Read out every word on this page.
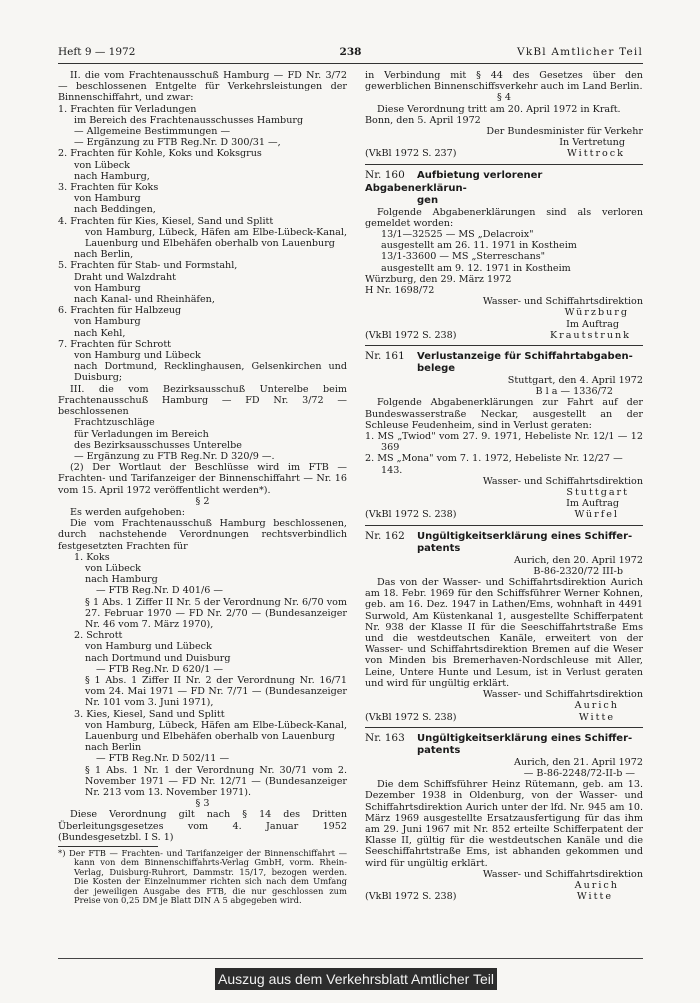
Heft 9 — 1972	238	VkBl Amtlicher Teil
II. die vom Frachtenausschuß Hamburg — FD Nr. 3/72 — beschlossenen Entgelte für Verkehrsleistungen der Binnenschiffahrt, und zwar:
1. Frachten für Verladungen
im Bereich des Frachtenausschusses Hamburg
— Allgemeine Bestimmungen —
— Ergänzung zu FTB Reg.Nr. D 300/31 —,
2. Frachten für Kohle, Koks und Koksgrus
von Lübeck
nach Hamburg,
3. Frachten für Koks
von Hamburg
nach Beddingen,
4. Frachten für Kies, Kiesel, Sand und Splitt
von Hamburg, Lübeck, Häfen am Elbe-Lübeck-Kanal, Lauenburg und Elbehäfen oberhalb von Lauenburg
nach Berlin,
5. Frachten für Stab- und Formstahl,
Draht und Walzdraht
von Hamburg
nach Kanal- und Rheinhäfen,
6. Frachten für Halbzeug
von Hamburg
nach Kehl,
7. Frachten für Schrott
von Hamburg und Lübeck
nach Dortmund, Recklinghausen, Gelsenkirchen und Duisburg;
III. die vom Bezirksausschuß Unterelbe beim Frachtenausschuß Hamburg — FD Nr. 3/72 — beschlossenen
Frachtzuschläge
für Verladungen im Bereich
des Bezirksausschusses Unterelbe
— Ergänzung zu FTB Reg.Nr. D 320/9 —.
(2) Der Wortlaut der Beschlüsse wird im FTB — Frachten- und Tarifanzeiger der Binnenschiffahrt — Nr. 16 vom 15. April 1972 veröffentlicht werden*).
§ 2
Es werden aufgehoben:
Die vom Frachtenausschuß Hamburg beschlossenen, durch nachstehende Verordnungen rechtsverbindlich festgesetzten Frachten für
1. Koks
von Lübeck
nach Hamburg
— FTB Reg.Nr. D 401/6 —
§ 1 Abs. 1 Ziffer II Nr. 5 der Verordnung Nr. 6/70 vom 27. Februar 1970 — FD Nr. 2/70 — (Bundesanzeiger Nr. 46 vom 7. März 1970),
2. Schrott
von Hamburg und Lübeck
nach Dortmund und Duisburg
— FTB Reg.Nr. D 620/1 —
§ 1 Abs. 1 Ziffer II Nr. 2 der Verordnung Nr. 16/71 vom 24. Mai 1971 — FD Nr. 7/71 — (Bundesanzeiger Nr. 101 vom 3. Juni 1971),
3. Kies, Kiesel, Sand und Splitt
von Hamburg, Lübeck, Häfen am Elbe-Lübeck-Kanal, Lauenburg und Elbehäfen oberhalb von Lauenburg
nach Berlin
— FTB Reg.Nr. D 502/11 —
§ 1 Abs. 1 Nr. 1 der Verordnung Nr. 30/71 vom 2. November 1971 — FD Nr. 12/71 — (Bundesanzeiger Nr. 213 vom 13. November 1971).
§ 3
Diese Verordnung gilt nach § 14 des Dritten Überleitungsgesetzes vom 4. Januar 1952 (Bundesgesetzbl. I S. 1)
*) Der FTB — Frachten- und Tarifanzeiger der Binnenschiffahrt — kann von dem Binnenschiffahrts-Verlag GmbH, vorm. Rhein-Verlag, Duisburg-Ruhrort, Dammstr. 15/17, bezogen werden. Die Kosten der Einzelnummer richten sich nach dem Umfang der jeweiligen Ausgabe des FTB, die nur geschlossen zum Preise von 0,25 DM je Blatt DIN A 5 abgegeben wird.
in Verbindung mit § 44 des Gesetzes über den gewerblichen Binnenschiffsverkehr auch im Land Berlin.
§ 4
Diese Verordnung tritt am 20. April 1972 in Kraft.
Bonn, den 5. April 1972
Der Bundesminister für Verkehr
In Vertretung
(VkBl 1972 S. 237)	Wittrock
Nr. 160 Aufbietung verlorener Abgabenerklärun-
gen
Folgende Abgabenerklärungen sind als verloren gemeldet worden:
13/1—32525 — MS „Delacroix"
ausgestellt am 26. 11. 1971 in Kostheim
13/1-33600 — MS „Sterreschans"
ausgestellt am 9. 12. 1971 in Kostheim
Würzburg, den 29. März 1972
H Nr. 1698/72
Wasser- und Schiffahrtsdirektion
Würzburg
Im Auftrag
(VkBl 1972 S. 238)	Krautstrunk
Nr. 161 Verlustanzeige für Schiffahrtabgaben-
belege
Stuttgart, den 4. April 1972
B l a — 1336/72
Folgende Abgabenerklärungen zur Fahrt auf der Bundeswasserstraße Neckar, ausgestellt an der Schleuse Feudenheim, sind in Verlust geraten:
1. MS „Twiod" vom 27. 9. 1971, Hebeliste Nr. 12/1 — 12 369
2. MS „Mona" vom 7. 1. 1972, Hebeliste Nr. 12/27 — 143.
Wasser- und Schiffahrtsdirektion
Stuttgart
Im Auftrag
(VkBl 1972 S. 238)	Würfel
Nr. 162 Ungültigkeitserklärung eines Schiffer-
patents
Aurich, den 20. April 1972
B-86-2320/72 III-b
Das von der Wasser- und Schiffahrtsdirektion Aurich am 18. Febr. 1969 für den Schiffsführer Werner Kohnen, geb. am 16. Dez. 1947 in Lathen/Ems, wohnhaft in 4491 Surwold, Am Küstenkanal 1, ausgestellte Schifferpatent Nr. 938 der Klasse II für die Seeschiffahrtstraße Ems und die westdeutschen Kanäle, erweitert von der Wasser- und Schiffahrtsdirektion Bremen auf die Weser von Minden bis Bremerhaven-Nordschleuse mit Aller, Leine, Untere Hunte und Lesum, ist in Verlust geraten und wird für ungültig erklärt.
Wasser- und Schiffahrtsdirektion
Aurich
(VkBl 1972 S. 238)	Witte
Nr. 163 Ungültigkeitserklärung eines Schiffer-
patents
Aurich, den 21. April 1972
— B-86-2248/72-II-b —
Die dem Schiffsführer Heinz Rütemann, geb. am 13. Dezember 1938 in Oldenburg, von der Wasser- und Schiffahrtsdirektion Aurich unter der lfd. Nr. 945 am 10. März 1969 ausgestellte Ersatzausfertigung für das ihm am 29. Juni 1967 mit Nr. 852 erteilte Schifferpatent der Klasse II, gültig für die westdeutschen Kanäle und die Seeschiffahrtstraße Ems, ist abhanden gekommen und wird für ungültig erklärt.
Wasser- und Schiffahrtsdirektion
Aurich
(VkBl 1972 S. 238)	Witte
Auszug aus dem Verkehrsblatt Amtlicher Teil
